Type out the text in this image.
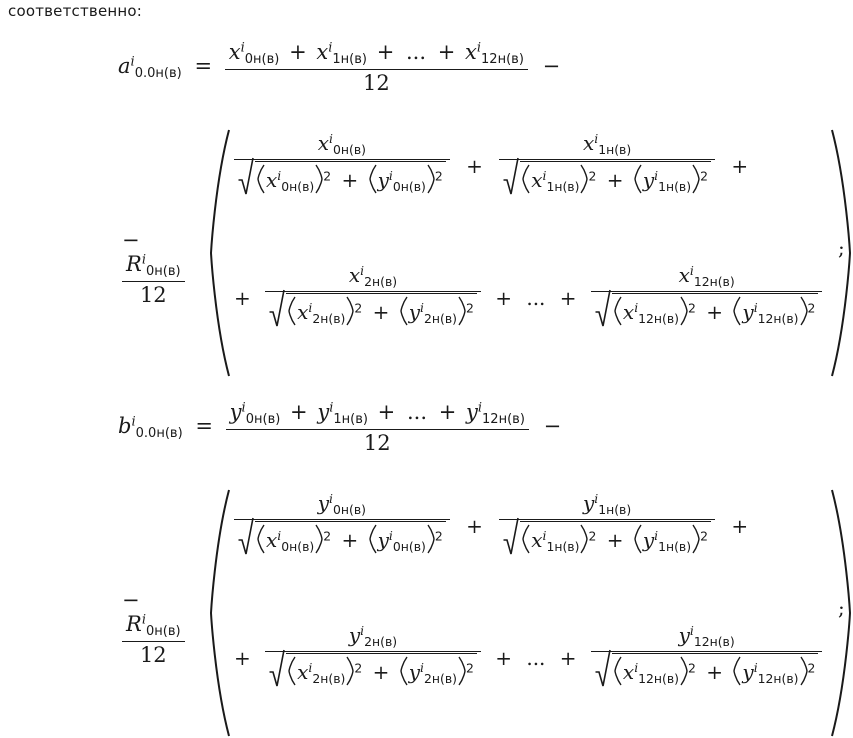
соответственно:
$a^i_{0.0н(в)}$ =
$x^i_{0н(в)} + x^i_{1н(в)}$ + ... + $x^i_{12н(в)}$
12
−
−
$\frac{R^i_{0н(в)}}{12}$
$\frac{x^i_{0н(в)}}{x^i_{0н(в)}^2 + y^i_{0н(в)}^2} + \frac{x^i_{1н(в)}}{x^i_{1н(в)}^2 + y^i_{1н(в)}^2}$ +
+ $\frac{x^i_{2н(в)}}{x^i_{2н(в)}^2 + y^i_{2н(в)}^2}$ + ... + $\frac{x^i_{12н(в)}}{x^i_{12н(в)}^2 + y^i_{12н(в)}^2}$
;
$b^i_{0.0н(в)}$ =
$y^i_{0н(в)} + y^i_{1н(в)}$ + ... + $y^i_{12н(в)}$
12
−
−
$\frac{R^i_{0н(в)}}{12}$
$\frac{y^i_{0н(в)}}{x^i_{0н(в)}^2 + y^i_{0н(в)}^2} + \frac{y^i_{1н(в)}}{x^i_{1н(в)}^2 + y^i_{1н(в)}^2}$ +
+ $\frac{y^i_{2н(в)}}{x^i_{2н(в)}^2 + y^i_{2н(в)}^2}$ + ... + $\frac{y^i_{12н(в)}}{x^i_{12н(в)}^2 + y^i_{12н(в)}^2}$
;
